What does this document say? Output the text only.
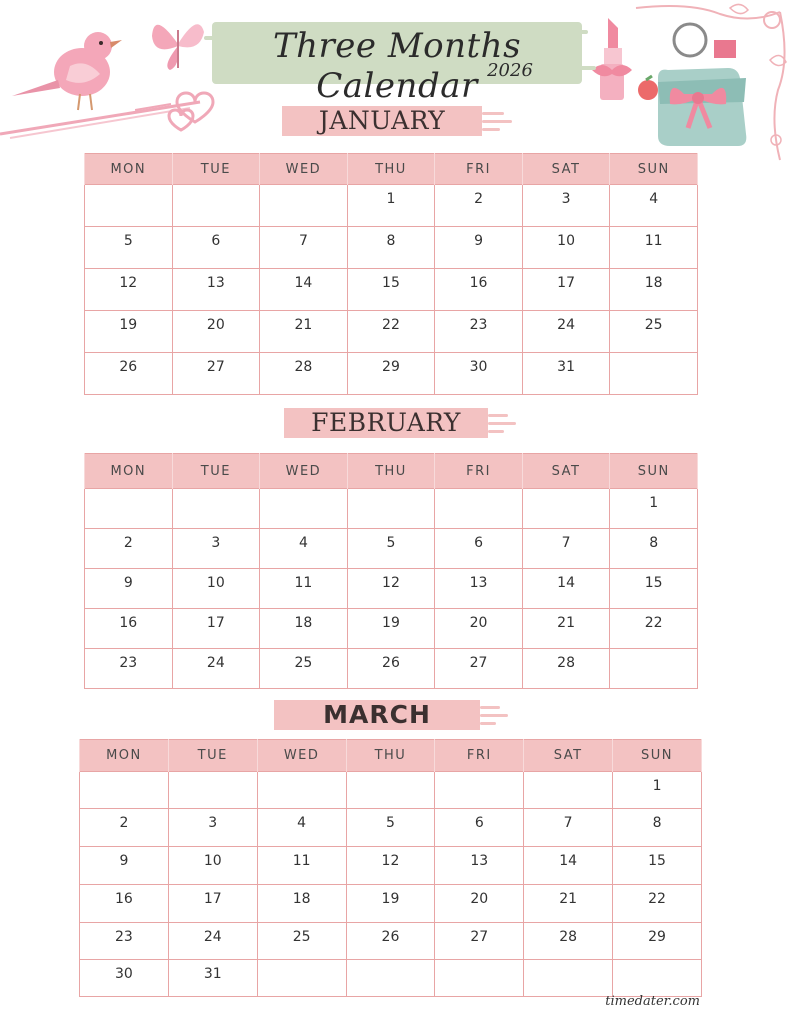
Three Months Calendar 2026
JANUARY
MON	TUE	WED	THU	FRI	SAT	SUN
			1	2	3	4
5	6	7	8	9	10	11
12	13	14	15	16	17	18
19	20	21	22	23	24	25
26	27	28	29	30	31	
FEBRUARY
MON	TUE	WED	THU	FRI	SAT	SUN
						1
2	3	4	5	6	7	8
9	10	11	12	13	14	15
16	17	18	19	20	21	22
23	24	25	26	27	28	
MARCH
MON	TUE	WED	THU	FRI	SAT	SUN
						1
2	3	4	5	6	7	8
9	10	11	12	13	14	15
16	17	18	19	20	21	22
23	24	25	26	27	28	29
30	31					
timedater.com
